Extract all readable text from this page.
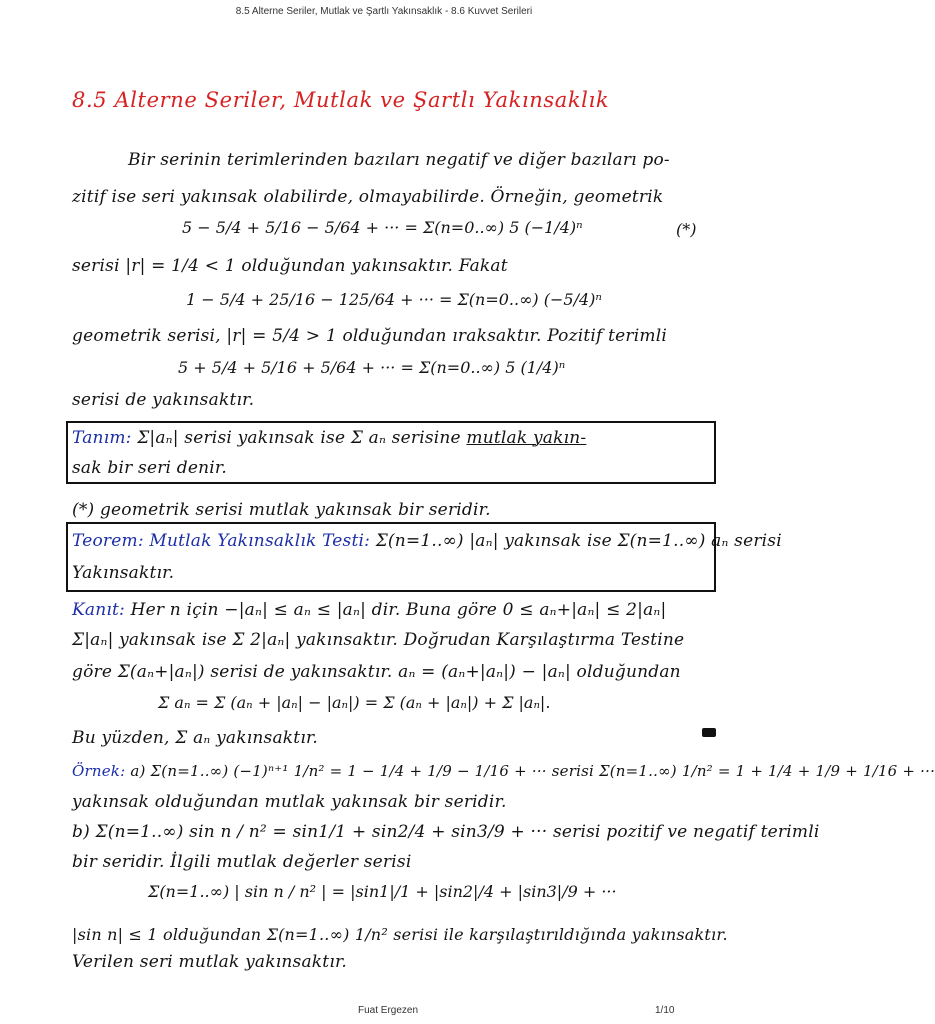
8.5 Alterne Seriler, Mutlak ve Şartlı Yakınsaklık - 8.6 Kuvvet Serileri
8.5 Alterne Seriler, Mutlak ve Şartlı Yakınsaklık
Bir serinin terimlerinden bazıları negatif ve diğer bazıları po-
zitif ise seri yakınsak olabilirde, olmayabilirde. Örneğin, geometrik
5 − 5/4 + 5/16 − 5/64 + ··· = Σ(n=0..∞) 5 (−1/4)ⁿ	(*)
serisi |r| = 1/4 < 1 olduğundan yakınsaktır. Fakat
1 − 5/4 + 25/16 − 125/64 + ··· = Σ(n=0..∞) (−5/4)ⁿ
geometrik serisi, |r| = 5/4 > 1 olduğundan ıraksaktır. Pozitif terimli
5 + 5/4 + 5/16 + 5/64 + ··· = Σ(n=0..∞) 5 (1/4)ⁿ
serisi de yakınsaktır.
Tanım: Σ|aₙ| serisi yakınsak ise Σ aₙ serisine mutlak yakın-
sak bir seri denir.
(*) geometrik serisi mutlak yakınsak bir seridir.
Teorem: Mutlak Yakınsaklık Testi: Σ(n=1..∞) |aₙ| yakınsak ise Σ(n=1..∞) aₙ serisi
Yakınsaktır.
Kanıt: Her n için −|aₙ| ≤ aₙ ≤ |aₙ| dir. Buna göre 0 ≤ aₙ+|aₙ| ≤ 2|aₙ|
Σ|aₙ| yakınsak ise Σ 2|aₙ| yakınsaktır. Doğrudan Karşılaştırma Testine
göre Σ(aₙ+|aₙ|) serisi de yakınsaktır. aₙ = (aₙ+|aₙ|) − |aₙ| olduğundan
Σ aₙ = Σ (aₙ + |aₙ| − |aₙ|) = Σ (aₙ + |aₙ|) + Σ |aₙ|.
Bu yüzden, Σ aₙ yakınsaktır.
Örnek: a) Σ(n=1..∞) (−1)ⁿ⁺¹ 1/n² = 1 − 1/4 + 1/9 − 1/16 + ··· serisi Σ(n=1..∞) 1/n² = 1 + 1/4 + 1/9 + 1/16 + ···
yakınsak olduğundan mutlak yakınsak bir seridir.
b) Σ(n=1..∞) sin n / n² = sin1/1 + sin2/4 + sin3/9 + ··· serisi pozitif ve negatif terimli
bir seridir. İlgili mutlak değerler serisi
Σ(n=1..∞) | sin n / n² | = |sin1|/1 + |sin2|/4 + |sin3|/9 + ···
|sin n| ≤ 1 olduğundan Σ(n=1..∞) 1/n² serisi ile karşılaştırıldığında yakınsaktır.
Verilen seri mutlak yakınsaktır.
Fuat Ergezen	1/10
